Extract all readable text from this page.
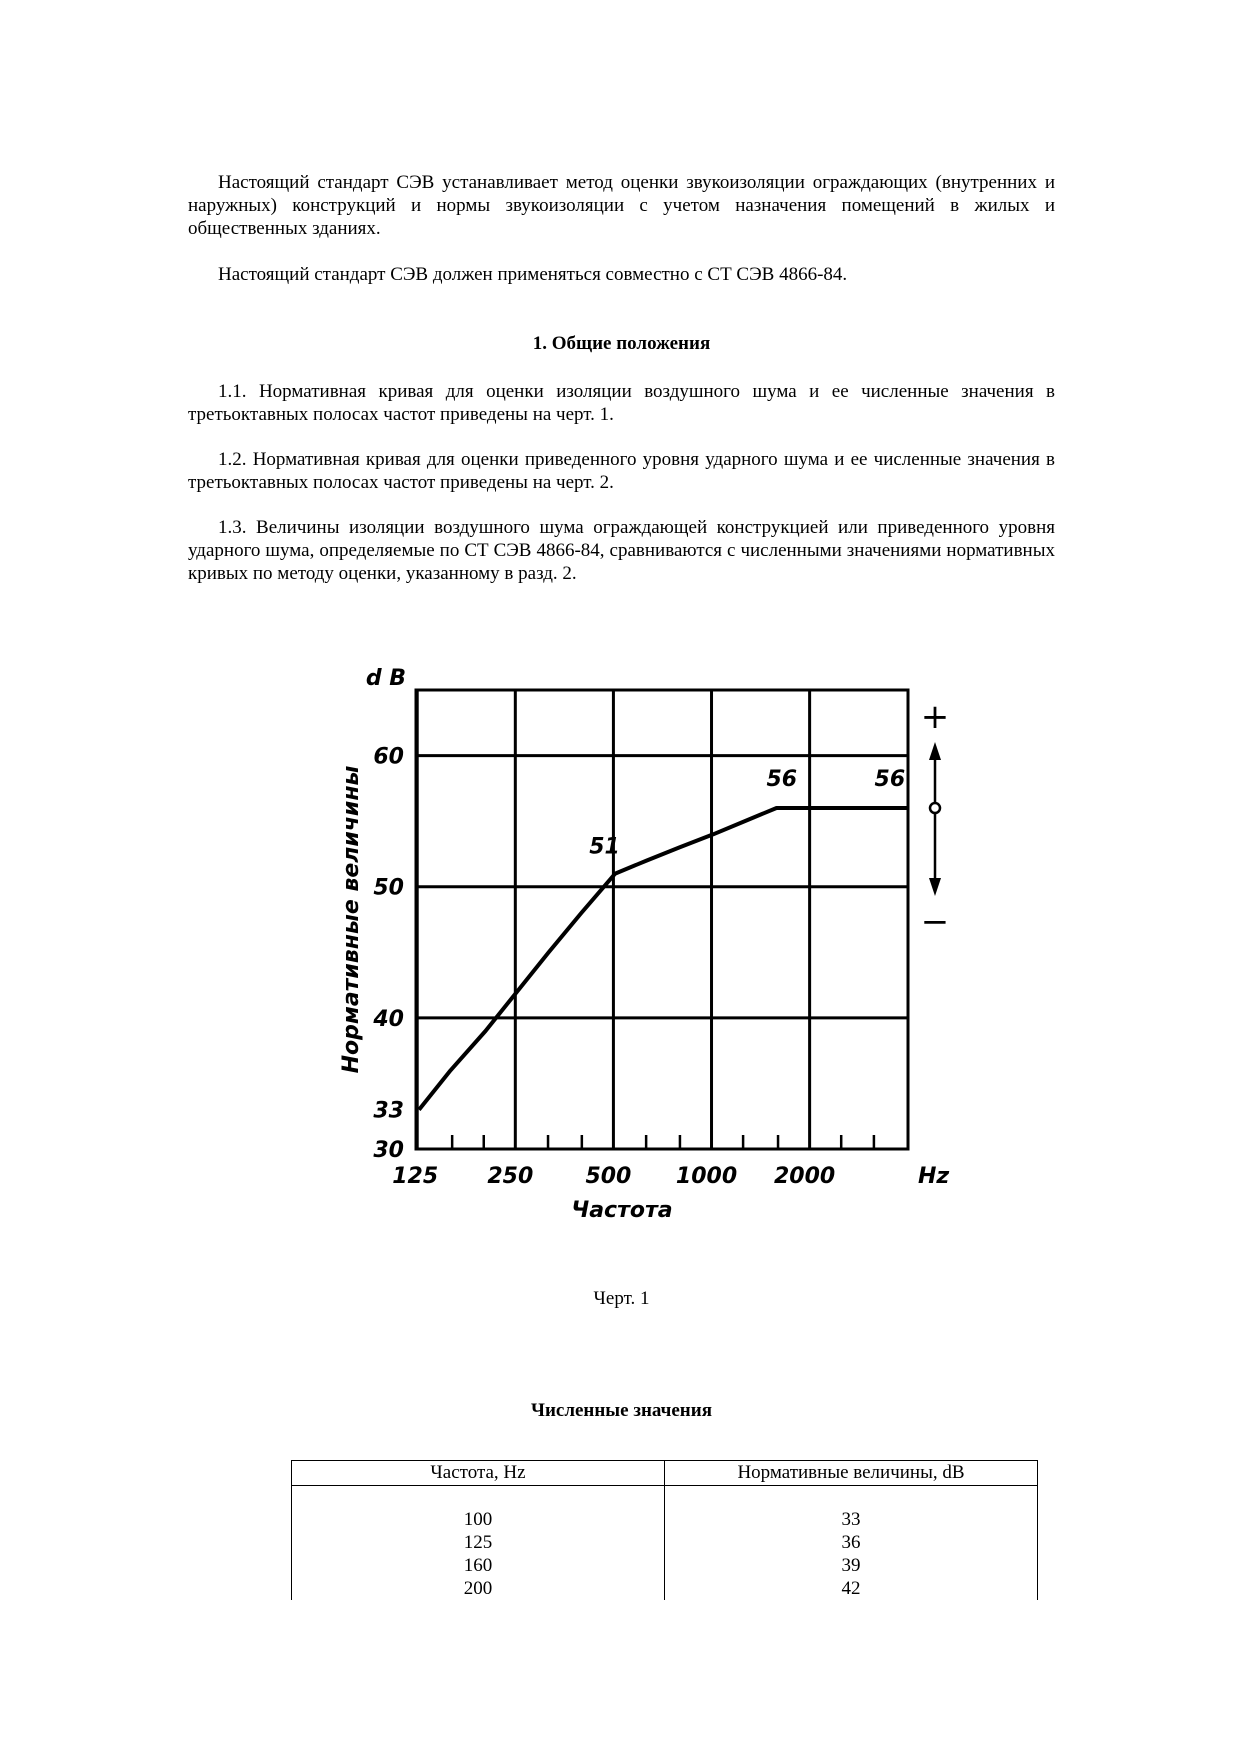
Настоящий стандарт СЭВ устанавливает метод оценки звукоизоляции ограждающих (внутренних и наружных) конструкций и нормы звукоизоляции с учетом назначения помещений в жилых и общественных зданиях.

Настоящий стандарт СЭВ должен применяться совместно с СТ СЭВ 4866-84.

1. Общие положения

1.1. Нормативная кривая для оценки изоляции воздушного шума и ее численные значения в третьоктавных полосах частот приведены на черт. 1.

1.2. Нормативная кривая для оценки приведенного уровня ударного шума и ее численные значения в третьоктавных полосах частот приведены на черт. 2.

1.3. Величины изоляции воздушного шума ограждающей конструкцией или приведенного уровня ударного шума, определяемые по СТ СЭВ 4866-84, сравниваются с численными значениями нормативных кривых по методу оценки, указанному в разд. 2.

30
33
40
50
60
d B
125 250 500 1000 2000	Hz
Частота
Нормативные величины	51
56	56
+
−

Черт. 1

Численные значения

Частота, Hz	Нормативные величины, dB

100	33
125	36
160	39
200	42
